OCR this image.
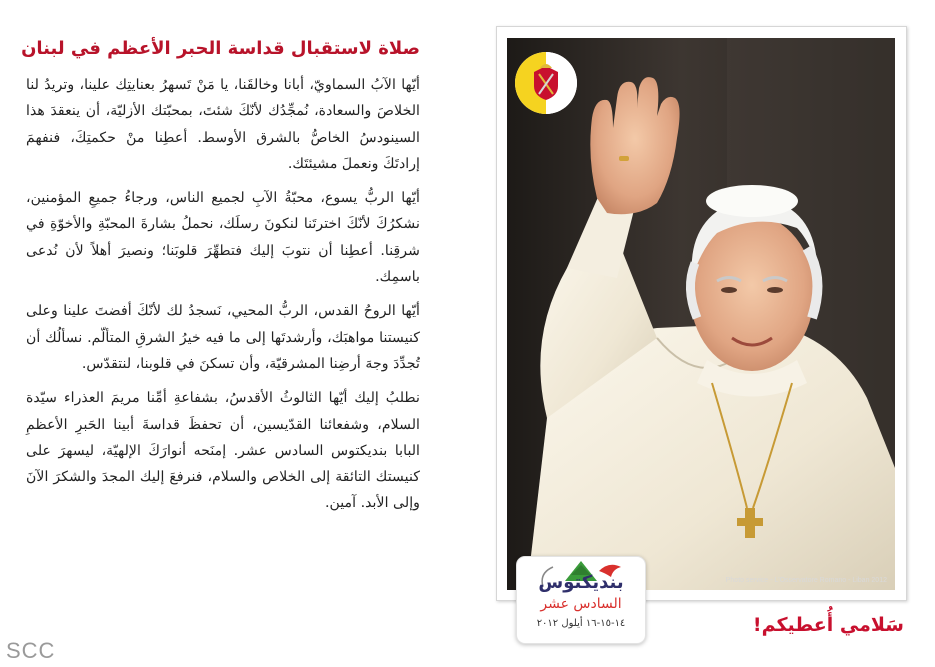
صلاة لاستقبال قداسة الحبر الأعظم في لبنان

أيّها الآبُ السماويّ، أبانا وخالقَنا، يا مَنْ تَسهرُ بعنايتِك علينا، وتريدُ لنا الخلاصَ والسعادة، نُمجِّدُك لأنّكَ شئتَ، بمحبّتك الأزليّة، أن ينعقدَ هذا السينودسُ الخاصُّ بالشرق الأوسط. أعطِنا منْ حكمتِكَ، فنفهمَ إرادتَكَ ونعملَ مشيئتَك.

أيّها الربُّ يسوع، محبّةُ الآبِ لجميع الناس، ورجاءُ جميعِ المؤمنين، نشكرُكَ لأنّكَ اخترتَنا لنكونَ رسلَك، نحملُ بشارةَ المحبّةِ والأخوّةِ في شرقِنا. أعطِنا أن نتوبَ إليك فتطهِّرَ قلوبَنا؛ ونصيرَ أهلاً لأن نُدعى باسمِك.

أيّها الروحُ القدس، الربُّ المحيي، نَسجدُ لك لأنّكَ أفضتَ علينا وعلى كنيستنا مواهبَك، وأرشدتَها إلى ما فيه خيرُ الشرقِ المتألّم. نسألُك أن تُجدِّدَ وجهَ أرضِنا المشرقيّة، وأن تسكنَ في قلوبنا، لنتقدّس.

نطلبُ إليك أيّها الثالوثُ الأقدسُ، بشفاعةِ أمِّنا مريمَ العذراء سيّدة السلام، وشفعائنا القدّيسين، أن تحفظَ قداسةَ أبينا الحَبرِ الأعظمِ البابا بنديكتوس السادس عشر. إمنَحه أنوارَكَ الإلهيّة، ليسهرَ على كنيستك التائقة إلى الخلاص والسلام، فنرفعَ إليك المجدَ والشكرَ الآنَ وإلى الأبد. آمين.

Photo service - L'Osservatore Romano - Liban 2012
بنديكتوس
السادس عشر
١٤-١٥-١٦ أيلول ٢٠١٢	سَلامي أُعطيكم!
SCC
